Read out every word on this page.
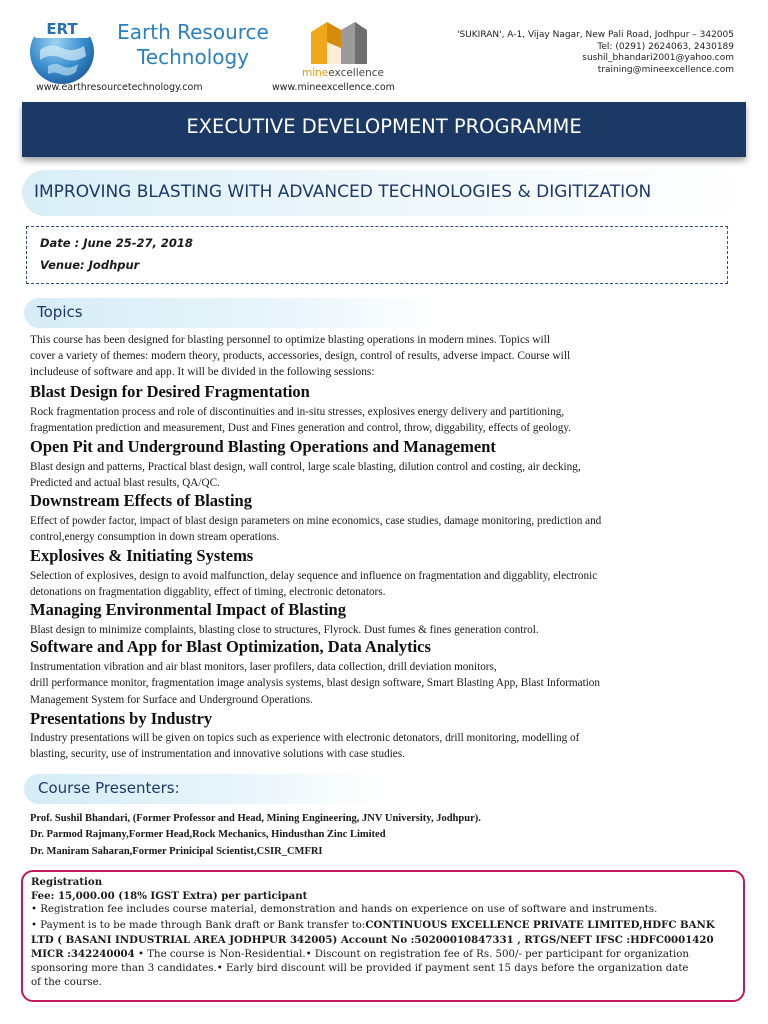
ERT	Earth Resource
Technology
www.earthresourcetechnology.com
mineexcellence
www.mineexcellence.com
'SUKIRAN', A-1, Vijay Nagar, New Pali Road, Jodhpur – 342005
Tel: (0291) 2624063, 2430189
sushil_bhandari2001@yahoo.com
training@mineexcellence.com
EXECUTIVE DEVELOPMENT PROGRAMME
IMPROVING BLASTING WITH ADVANCED TECHNOLOGIES & DIGITIZATION
Date : June 25-27, 2018
Venue: Jodhpur
Topics
This course has been designed for blasting personnel to optimize blasting operations in modern mines. Topics will
cover a variety of themes: modern theory, products, accessories, design, control of results, adverse impact. Course will
includeuse of software and app. It will be divided in the following sessions:
Blast Design for Desired Fragmentation
Rock fragmentation process and role of discontinuities and in-situ stresses, explosives energy delivery and partitioning,
fragmentation prediction and measurement, Dust and Fines generation and control, throw, diggability, effects of geology.
Open Pit and Underground Blasting Operations and Management
Blast design and patterns, Practical blast design, wall control, large scale blasting, dilution control and costing, air decking,
Predicted and actual blast results, QA/QC.
Downstream Effects of Blasting
Effect of powder factor, impact of blast design parameters on mine economics, case studies, damage monitoring, prediction and
control,energy consumption in down stream operations.
Explosives & Initiating Systems
Selection of explosives, design to avoid malfunction, delay sequence and influence on fragmentation and diggablity, electronic
detonations on fragmentation diggablity, effect of timing, electronic detonators.
Managing Environmental Impact of Blasting
Blast design to minimize complaints, blasting close to structures, Flyrock. Dust fumes & fines generation control.
Software and App for Blast Optimization, Data Analytics
Instrumentation vibration and air blast monitors, laser profilers, data collection, drill deviation monitors,
drill performance monitor, fragmentation image analysis systems, blast design software, Smart Blasting App, Blast Information
Management System for Surface and Underground Operations.
Presentations by Industry
Industry presentations will be given on topics such as experience with electronic detonators, drill monitoring, modelling of
blasting, security, use of instrumentation and innovative solutions with case studies.
Course Presenters:
Prof. Sushil Bhandari, (Former Professor and Head, Mining Engineering, JNV University, Jodhpur).
Dr. Parmod Rajmany,Former Head,Rock Mechanics, Hindusthan Zinc Limited
Dr. Maniram Saharan,Former Prinicipal Scientist,CSIR_CMFRI
Registration
Fee: 15,000.00 (18% IGST Extra) per participant
• Registration fee includes course material, demonstration and hands on experience on use of software and instruments.
• Payment is to be made through Bank draft or Bank transfer to:CONTINUOUS EXCELLENCE PRIVATE LIMITED,HDFC BANK
LTD ( BASANI INDUSTRIAL AREA JODHPUR 342005) Account No :50200010847331 , RTGS/NEFT IFSC :HDFC0001420
MICR :342240004 • The course is Non-Residential.• Discount on registration fee of Rs. 500/- per participant for organization
sponsoring more than 3 candidates.• Early bird discount will be provided if payment sent 15 days before the organization date
of the course.
